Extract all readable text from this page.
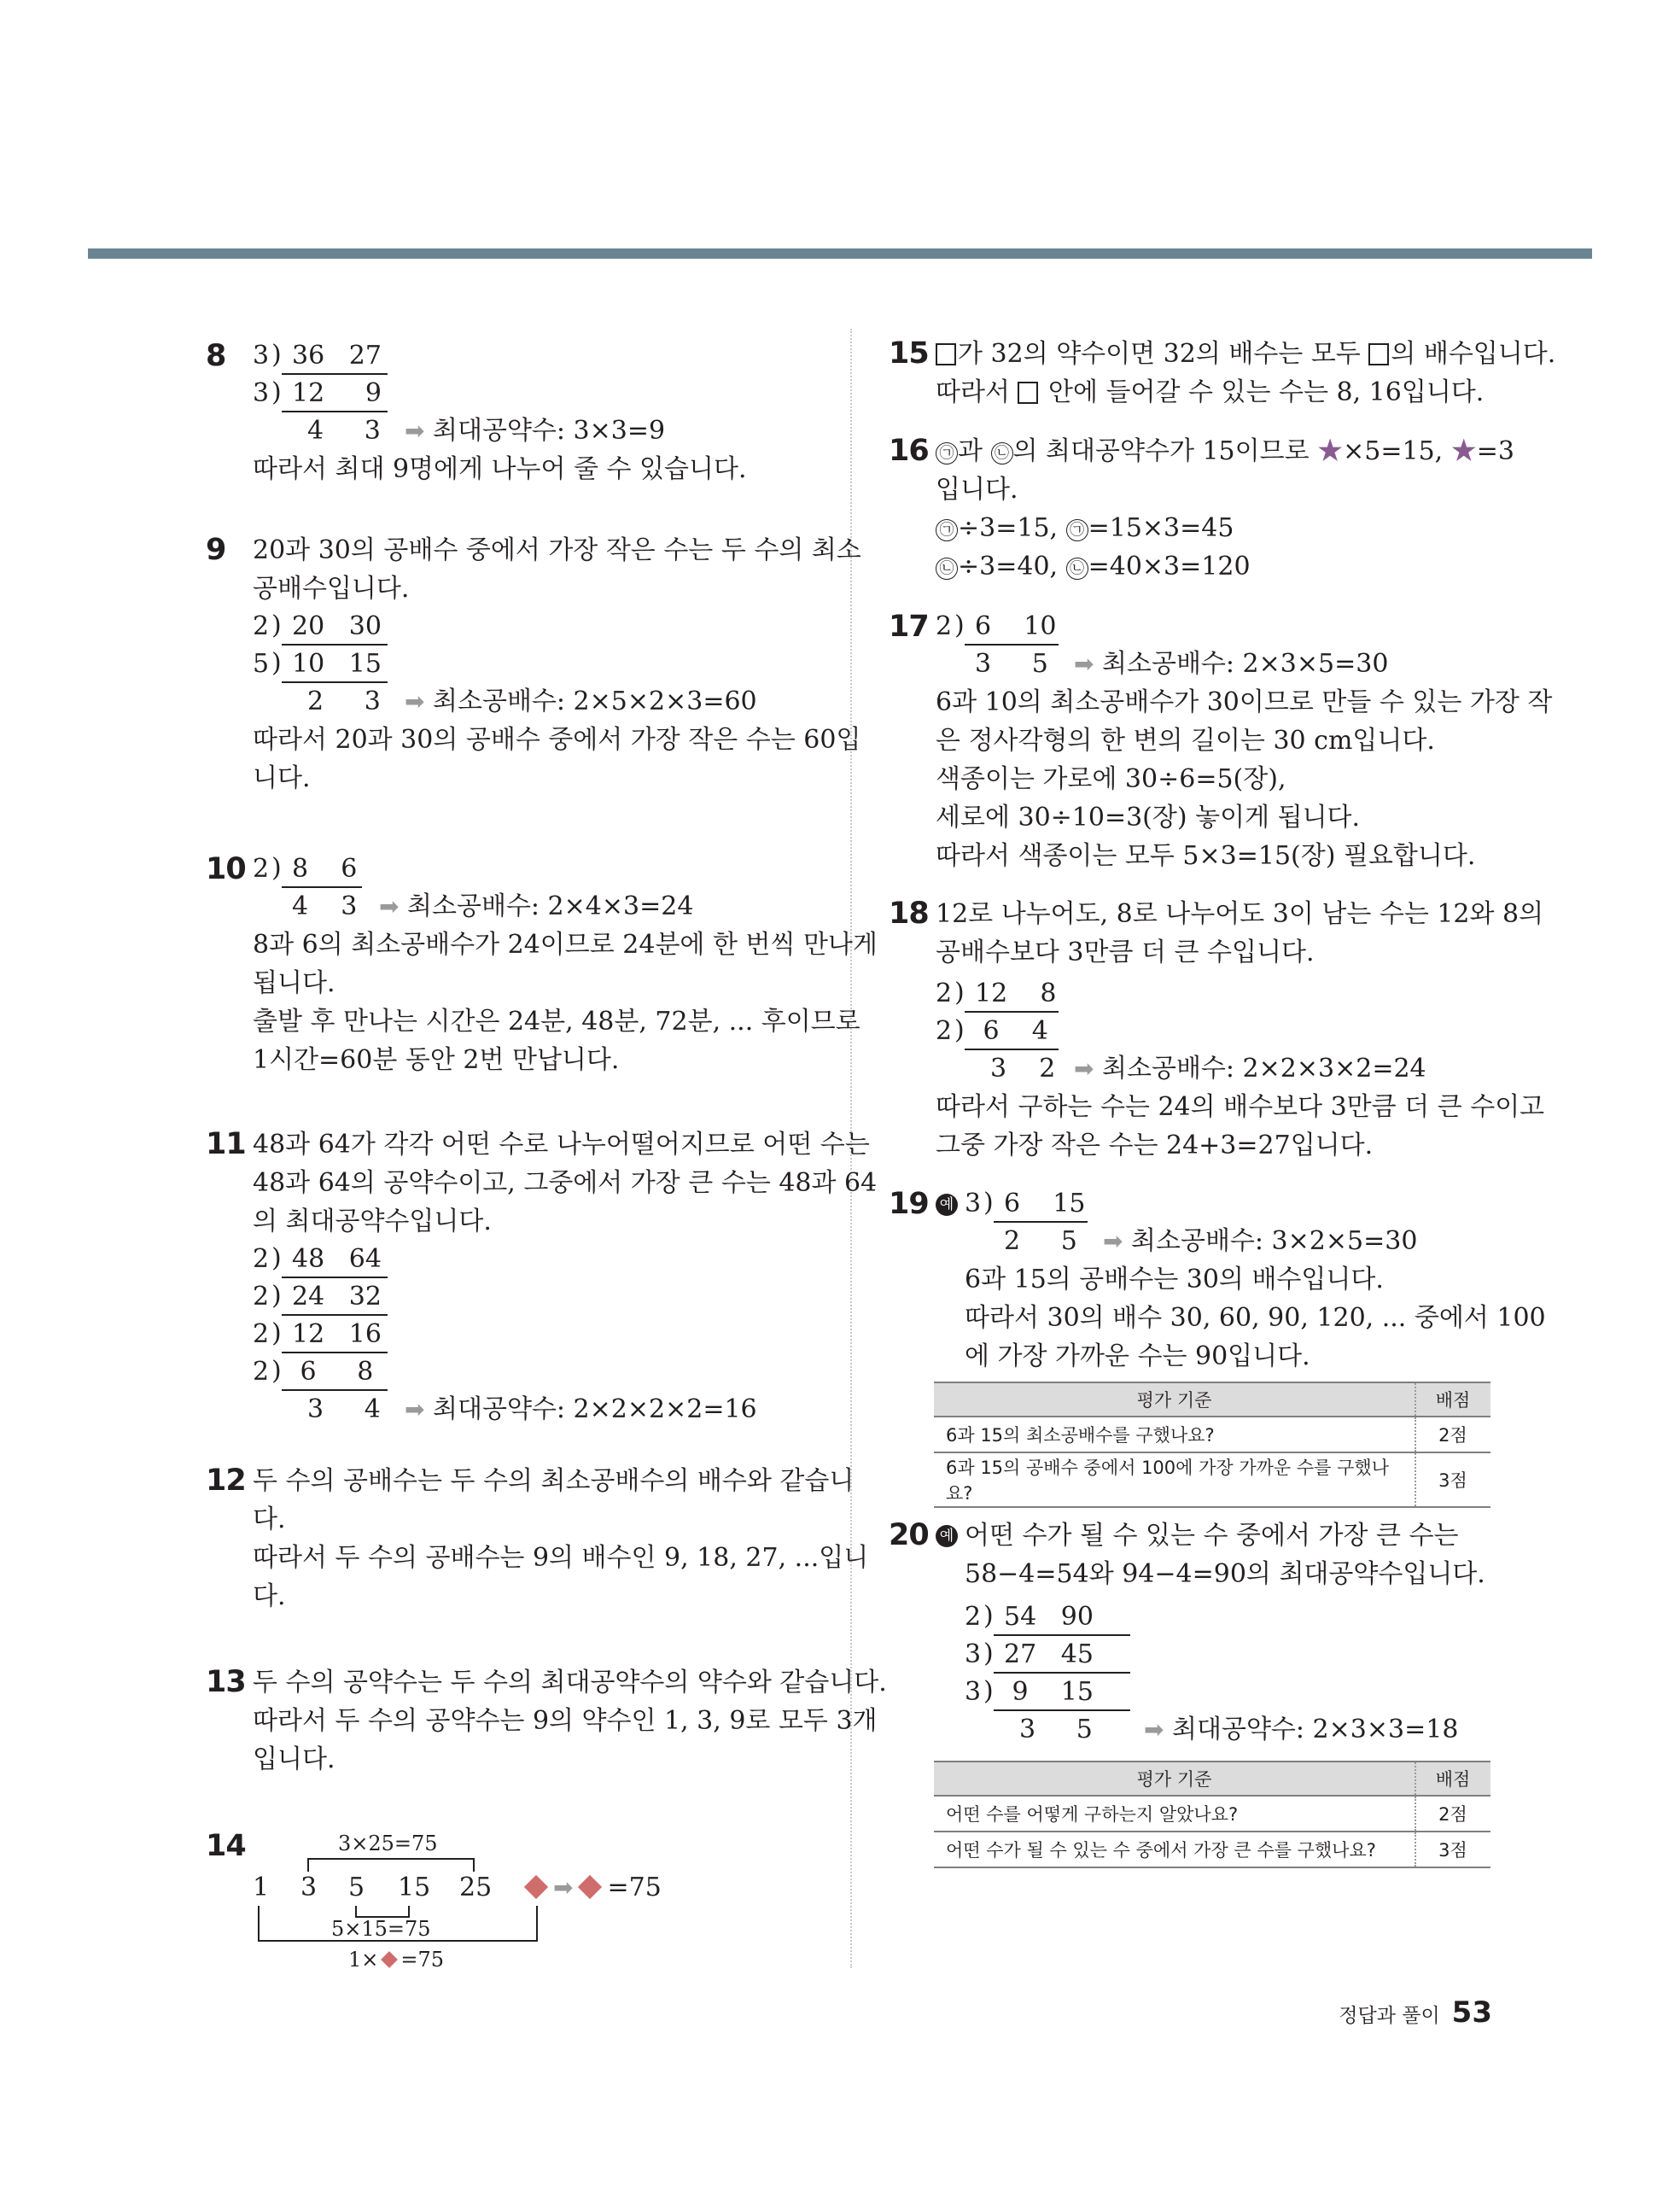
8 3 ) 36   27
3 ) 12     9
4     3 ➡ 최대공약수: 3×3=9
따라서 최대 9명에게 나누어 줄 수 있습니다.
9 20과 30의 공배수 중에서 가장 작은 수는 두 수의 최소
공배수입니다.
2 ) 20   30
5 ) 10   15
2     3 ➡ 최소공배수: 2×5×2×3=60
따라서 20과 30의 공배수 중에서 가장 작은 수는 60입
니다.
10 2 ) 8    6
4    3 ➡ 최소공배수: 2×4×3=24
8과 6의 최소공배수가 24이므로 24분에 한 번씩 만나게
됩니다.
출발 후 만나는 시간은 24분, 48분, 72분, ... 후이므로
1시간=60분 동안 2번 만납니다.
11 48과 64가 각각 어떤 수로 나누어떨어지므로 어떤 수는
48과 64의 공약수이고, 그중에서 가장 큰 수는 48과 64
의 최대공약수입니다.
2 ) 48   64
2 ) 24   32
2 ) 12   16
2 ) 6     8
3     4 ➡ 최대공약수: 2×2×2×2=16
12 두 수의 공배수는 두 수의 최소공배수의 배수와 같습니
다.
따라서 두 수의 공배수는 9의 배수인 9, 18, 27, ...입니
다.
13 두 수의 공약수는 두 수의 최대공약수의 약수와 같습니다.
따라서 두 수의 공약수는 9의 약수인 1, 3, 9로 모두 3개
입니다.
14	3×25=75
1 3 5 15 25	➡ =75
5×15=75
1× =75
15	가 32의 약수이면 32의 배수는 모두 의 배수입니다.
따라서  안에 들어갈 수 있는 수는 8, 16입니다.
16 ㉠ 과 ㉡ 의 최대공약수가 15이므로 ★×5=15, ★=3
입니다.
㉠ ÷3=15, ㉠ =15×3=45
㉡ ÷3=40, ㉡ =40×3=120
17 2 ) 6    10
3     5 ➡ 최소공배수: 2×3×5=30
6과 10의 최소공배수가 30이므로 만들 수 있는 가장 작
은 정사각형의 한 변의 길이는 30 cm입니다.
색종이는 가로에 30÷6=5(장),
세로에 30÷10=3(장) 놓이게 됩니다.
따라서 색종이는 모두 5×3=15(장) 필요합니다.
18 12로 나누어도, 8로 나누어도 3이 남는 수는 12와 8의
공배수보다 3만큼 더 큰 수입니다.
2 ) 12    8
2 ) 6    4
3    2 ➡ 최소공배수: 2×2×3×2=24
따라서 구하는 수는 24의 배수보다 3만큼 더 큰 수이고
그중 가장 작은 수는 24+3=27입니다.
19 예 3 ) 6    15
2     5 ➡ 최소공배수: 3×2×5=30
6과 15의 공배수는 30의 배수입니다.
따라서 30의 배수 30, 60, 90, 120, ... 중에서 100
에 가장 가까운 수는 90입니다.
평가 기준	배점
6과 15의 최소공배수를 구했나요?	2점
6과 15의 공배수 중에서 100에 가장 가까운 수를 구했나요?	3점
20 예 어떤 수가 될 수 있는 수 중에서 가장 큰 수는
58−4=54와 94−4=90의 최대공약수입니다.
2 ) 54   90
3 ) 27   45
3 ) 9    15
3     5 ➡ 최대공약수: 2×3×3=18
평가 기준	배점
어떤 수를 어떻게 구하는지 알았나요?	2점
어떤 수가 될 수 있는 수 중에서 가장 큰 수를 구했나요?	3점
정답과 풀이 53
